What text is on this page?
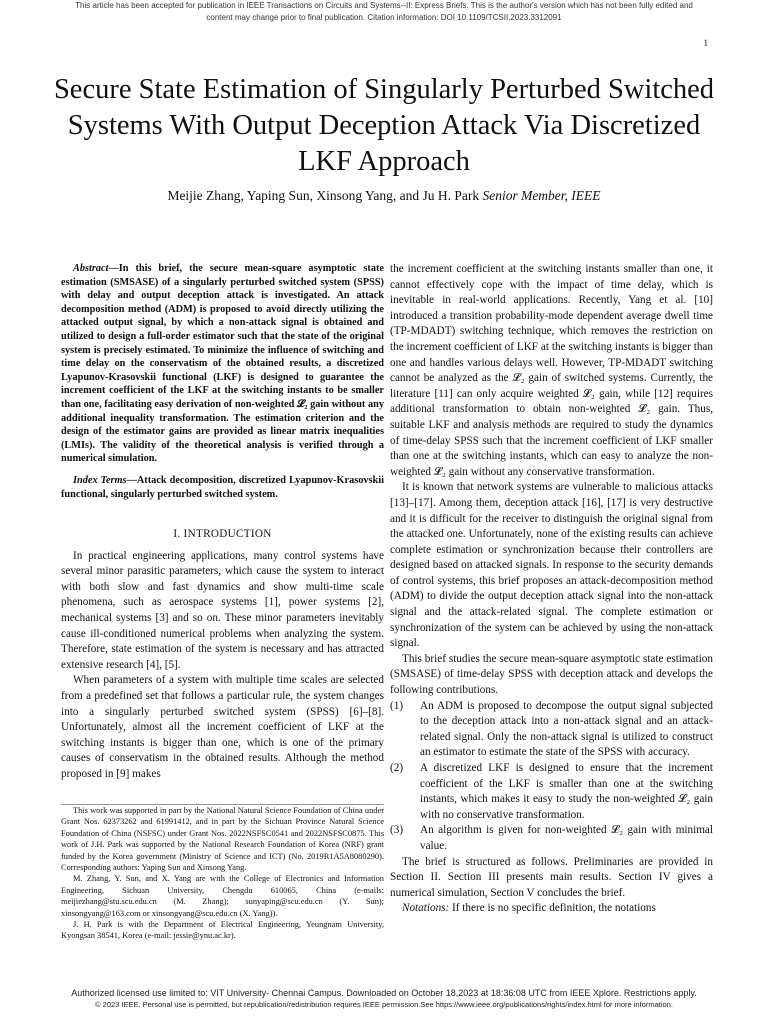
This article has been accepted for publication in IEEE Transactions on Circuits and Systems--II: Express Briefs. This is the author's version which has not been fully edited and
content may change prior to final publication. Citation information: DOI 10.1109/TCSII.2023.3312091
1
Secure State Estimation of Singularly Perturbed Switched Systems With Output Deception Attack Via Discretized LKF Approach
Meijie Zhang, Yaping Sun, Xinsong Yang, and Ju H. Park Senior Member, IEEE

Abstract—In this brief, the secure mean-square asymptotic state estimation (SMSASE) of a singularly perturbed switched system (SPSS) with delay and output deception attack is investigated. An attack decomposition method (ADM) is proposed to avoid directly utilizing the attacked output signal, by which a non-attack signal is obtained and utilized to design a full-order estimator such that the state of the original system is precisely estimated. To minimize the influence of switching and time delay on the conservatism of the obtained results, a discretized Lyapunov-Krasovskii functional (LKF) is designed to guarantee the increment coefficient of the LKF at the switching instants to be smaller than one, facilitating easy derivation of non-weighted 𝓛₂ gain without any additional inequality transformation. The estimation criterion and the design of the estimator gains are provided as linear matrix inequalities (LMIs). The validity of the theoretical analysis is verified through a numerical simulation.

Index Terms—Attack decomposition, discretized Lyapunov-Krasovskii functional, singularly perturbed switched system.

I. INTRODUCTION

In practical engineering applications, many control systems have several minor parasitic parameters, which cause the system to interact with both slow and fast dynamics and show multi-time scale phenomena, such as aerospace systems [1], power systems [2], mechanical systems [3] and so on. These minor parameters inevitably cause ill-conditioned numerical problems when analyzing the system. Therefore, state estimation of the system is necessary and has attracted extensive research [4], [5].

When parameters of a system with multiple time scales are selected from a predefined set that follows a particular rule, the system changes into a singularly perturbed switched system (SPSS) [6]–[8]. Unfortunately, almost all the increment coefficient of LKF at the switching instants is bigger than one, which is one of the primary causes of conservatism in the obtained results. Although the method proposed in [9] makes

This work was supported in part by the National Natural Science Foundation of China under Grant Nos. 62373262 and 61991412, and in part by the Sichuan Province Natural Science Foundation of China (NSFSC) under Grant Nos. 2022NSFSC0541 and 2022NSFSC0875. This work of J.H. Park was supported by the National Research Foundation of Korea (NRF) grant funded by the Korea government (Ministry of Science and ICT) (No. 2019R1A5A8080290). Corresponding authors: Yaping Sun and Xinsong Yang.

M. Zhang, Y. Sun, and X. Yang are with the College of Electronics and Information Engineering, Sichuan University, Chengdu 610065, China (e-mails: meijiezhang@stu.scu.edu.cn (M. Zhang); sunyaping@scu.edu.cn (Y. Sun); xinsongyang@163.com or xinsongyang@scu.edu.cn (X. Yang)).

J. H. Park is with the Department of Electrical Engineering, Yeungnam University, Kyongsan 38541, Korea (e-mail: jessie@ynu.ac.kr).

the increment coefficient at the switching instants smaller than one, it cannot effectively cope with the impact of time delay, which is inevitable in real-world applications. Recently, Yang et al. [10] introduced a transition probability-mode dependent average dwell time (TP-MDADT) switching technique, which removes the restriction on the increment coefficient of LKF at the switching instants is bigger than one and handles various delays well. However, TP-MDADT switching cannot be analyzed as the 𝓛₂ gain of switched systems. Currently, the literature [11] can only acquire weighted 𝓛₂ gain, while [12] requires additional transformation to obtain non-weighted 𝓛₂ gain. Thus, suitable LKF and analysis methods are required to study the dynamics of time-delay SPSS such that the increment coefficient of LKF smaller than one at the switching instants, which can easy to analyze the non-weighted 𝓛₂ gain without any conservative transformation.

It is known that network systems are vulnerable to malicious attacks [13]–[17]. Among them, deception attack [16], [17] is very destructive and it is difficult for the receiver to distinguish the original signal from the attacked one. Unfortunately, none of the existing results can achieve complete estimation or synchronization because their controllers are designed based on attacked signals. In response to the security demands of control systems, this brief proposes an attack-decomposition method (ADM) to divide the output deception attack signal into the non-attack signal and the attack-related signal. The complete estimation or synchronization of the system can be achieved by using the non-attack signal.

This brief studies the secure mean-square asymptotic state estimation (SMSASE) of time-delay SPSS with deception attack and develops the following contributions.

(1) An ADM is proposed to decompose the output signal subjected to the deception attack into a non-attack signal and an attack-related signal. Only the non-attack signal is utilized to construct an estimator to estimate the state of the SPSS with accuracy.
(2) A discretized LKF is designed to ensure that the increment coefficient of the LKF is smaller than one at the switching instants, which makes it easy to study the non-weighted 𝓛₂ gain with no conservative transformation.
(3) An algorithm is given for non-weighted 𝓛₂ gain with minimal value.

The brief is structured as follows. Preliminaries are provided in Section II. Section III presents main results. Section IV gives a numerical simulation, Section V concludes the brief.

Notations: If there is no specific definition, the notations

Authorized licensed use limited to: VIT University- Chennai Campus. Downloaded on October 18,2023 at 18:36:08 UTC from IEEE Xplore. Restrictions apply.
© 2023 IEEE. Personal use is permitted, but republication/redistribution requires IEEE permission.See https://www.ieee.org/publications/rights/index.html for more information.
